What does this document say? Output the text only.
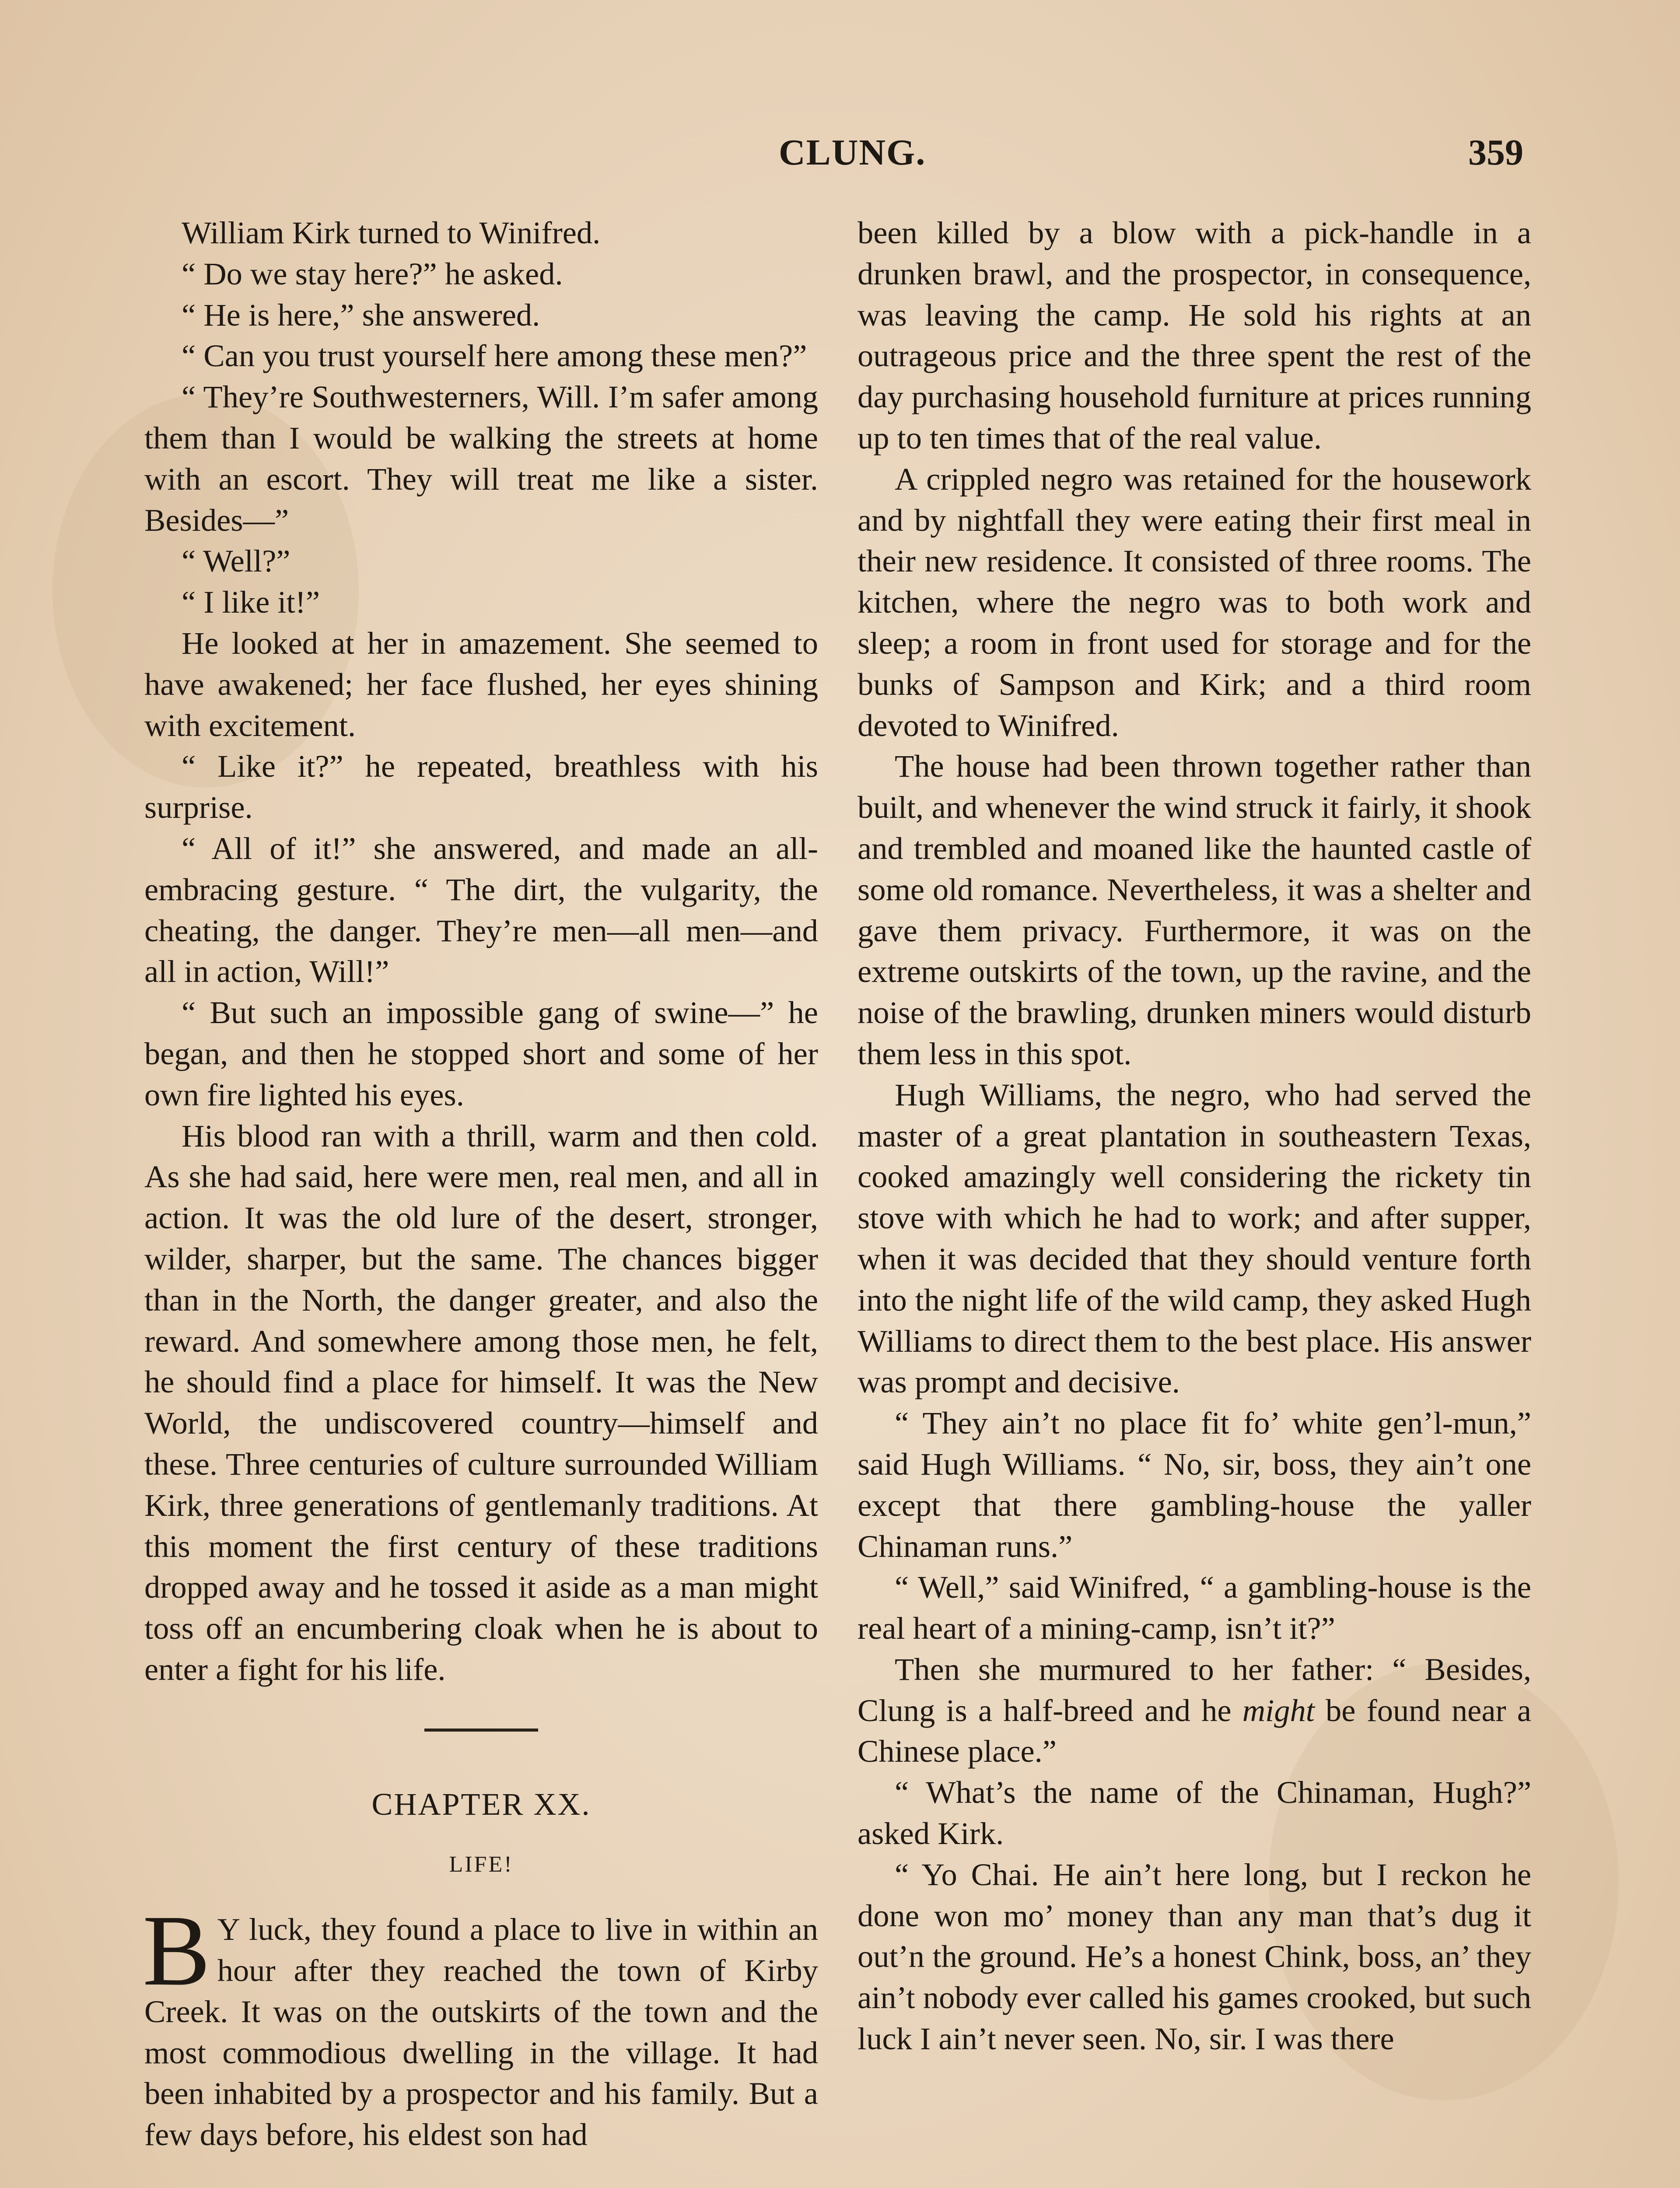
CLUNG.	359

William Kirk turned to Winifred.

“ Do we stay here?” he asked.

“ He is here,” she answered.

“ Can you trust yourself here among these men?”

“ They’re Southwesterners, Will. I’m safer among them than I would be walking the streets at home with an escort. They will treat me like a sister. Besides—”

“ Well?”

“ I like it!”

He looked at her in amazement. She seemed to have awakened; her face flushed, her eyes shining with excitement.

“ Like it?” he repeated, breathless with his surprise.

“ All of it!” she answered, and made an all-embracing gesture. “ The dirt, the vulgarity, the cheating, the danger. They’re men—all men—and all in action, Will!”

“ But such an impossible gang of swine—” he began, and then he stopped short and some of her own fire lighted his eyes.

His blood ran with a thrill, warm and then cold. As she had said, here were men, real men, and all in action. It was the old lure of the desert, stronger, wilder, sharper, but the same. The chances bigger than in the North, the danger greater, and also the reward. And somewhere among those men, he felt, he should find a place for himself. It was the New World, the undiscovered country—himself and these. Three centuries of culture surrounded William Kirk, three generations of gentlemanly traditions. At this moment the first century of these traditions dropped away and he tossed it aside as a man might toss off an encumbering cloak when he is about to enter a fight for his life.

CHAPTER XX.
LIFE!

B Y luck, they found a place to live in within an hour after they reached the town of Kirby Creek. It was on the outskirts of the town and the most commodious dwelling in the village. It had been inhabited by a prospector and his family. But a few days before, his eldest son had

been killed by a blow with a pick-handle in a drunken brawl, and the prospector, in consequence, was leaving the camp. He sold his rights at an outrageous price and the three spent the rest of the day purchasing household furniture at prices running up to ten times that of the real value.

A crippled negro was retained for the housework and by nightfall they were eating their first meal in their new residence. It consisted of three rooms. The kitchen, where the negro was to both work and sleep; a room in front used for storage and for the bunks of Sampson and Kirk; and a third room devoted to Winifred.

The house had been thrown together rather than built, and whenever the wind struck it fairly, it shook and trembled and moaned like the haunted castle of some old romance. Nevertheless, it was a shelter and gave them privacy. Furthermore, it was on the extreme outskirts of the town, up the ravine, and the noise of the brawling, drunken miners would disturb them less in this spot.

Hugh Williams, the negro, who had served the master of a great plantation in southeastern Texas, cooked amazingly well considering the rickety tin stove with which he had to work; and after supper, when it was decided that they should venture forth into the night life of the wild camp, they asked Hugh Williams to direct them to the best place. His answer was prompt and decisive.

“ They ain’t no place fit fo’ white gen’l-mun,” said Hugh Williams. “ No, sir, boss, they ain’t one except that there gambling-house the yaller Chinaman runs.”

“ Well,” said Winifred, “ a gambling-house is the real heart of a mining-camp, isn’t it?”

Then she murmured to her father: “ Besides, Clung is a half-breed and he might be found near a Chinese place.”

“ What’s the name of the Chinaman, Hugh?” asked Kirk.

“ Yo Chai. He ain’t here long, but I reckon he done won mo’ money than any man that’s dug it out’n the ground. He’s a honest Chink, boss, an’ they ain’t nobody ever called his games crooked, but such luck I ain’t never seen. No, sir. I was there
